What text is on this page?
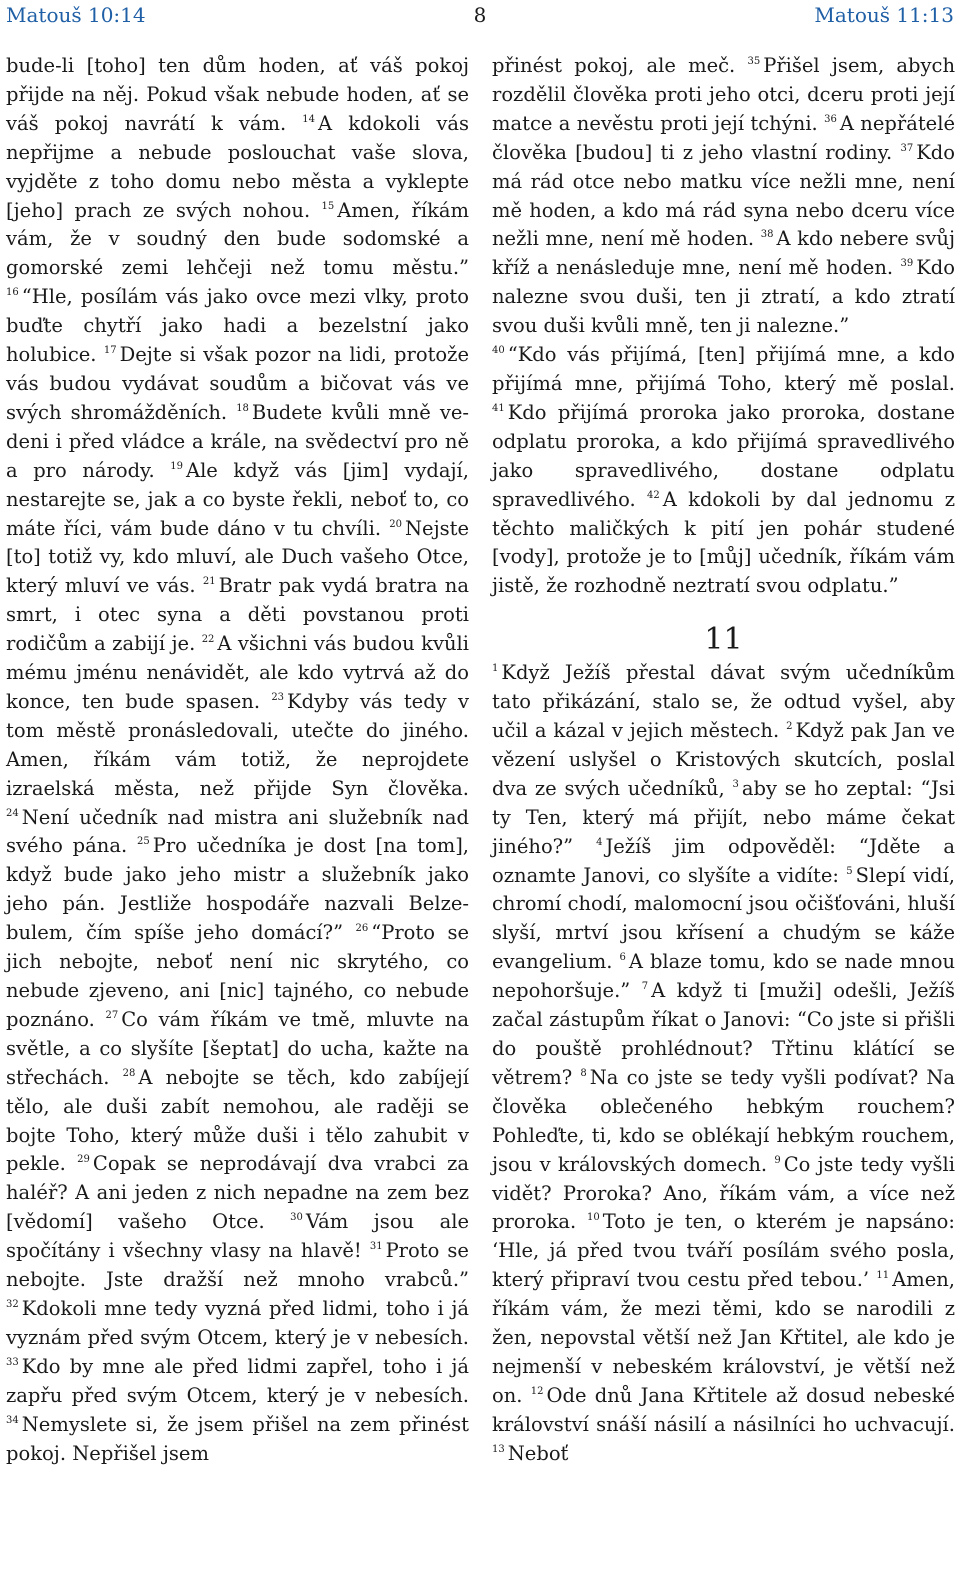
Matouš 10:14	8	Matouš 11:13

bude-li [toho] ten dům hoden, ať váš pokoj přijde na něj. Pokud však nebude hoden, ať se váš pokoj navrátí k vám. $^{14}$ A kdokoli vás nepřijme a nebude poslouchat vaše slova, vyjděte z toho domu nebo města a vyklepte [jeho] prach ze svých nohou. $^{15}$ Amen, říkám vám, že v soudný den bude sodomské a gomorské zemi lehčeji než tomu městu.” $^{16}$ “Hle, posílám vás jako ovce mezi vlky, proto buďte chytří jako hadi a bezelstní jako holubice. $^{17}$ Dejte si však pozor na lidi, protože vás budou vydávat soudům a bičovat vás ve svých shromážděních. $^{18}$ Budete kvůli mně vedeni i před vládce a krále, na svědectví pro ně a pro národy. $^{19}$ Ale když vás [jim] vydají, nestarejte se, jak a co byste řekli, neboť to, co máte říci, vám bude dáno v tu chvíli. $^{20}$ Nejste [to] totiž vy, kdo mluví, ale Duch vašeho Otce, který mluví ve vás. $^{21}$ Bratr pak vydá bratra na smrt, i otec syna a děti povstanou proti rodičům a zabijí je. $^{22}$ A všichni vás budou kvůli mému jménu nenávidět, ale kdo vytrvá až do konce, ten bude spasen. $^{23}$ Kdyby vás tedy v tom městě pronásledovali, utečte do jiného. Amen, říkám vám totiž, že neprojdete izraelská města, než přijde Syn člověka. $^{24}$ Není učedník nad mistra ani služebník nad svého pána. $^{25}$ Pro učedníka je dost [na tom], když bude jako jeho mistr a služebník jako jeho pán. Jestliže hospodáře nazvali Belzebulem, čím spíše jeho domácí?” $^{26}$ “Proto se jich nebojte, neboť není nic skrytého, co nebude zjeveno, ani [nic] tajného, co nebude poznáno. $^{27}$ Co vám říkám ve tmě, mluvte na světle, a co slyšíte [šeptat] do ucha, kažte na střechách. $^{28}$ A nebojte se těch, kdo zabíjejí tělo, ale duši zabít nemohou, ale raději se bojte Toho, který může duši i tělo zahubit v pekle. $^{29}$ Copak se neprodávají dva vrabci za haléř? A ani jeden z nich nepadne na zem bez [vědomí] vašeho Otce.	$^{30}$ Vám jsou ale spočítány i všechny vlasy na hlavě! $^{31}$ Proto se nebojte. Jste dražší než mnoho vrabců.” $^{32}$ Kdokoli mne tedy vyzná před lidmi, toho i já vyznám před svým Otcem, který je v nebesích. $^{33}$ Kdo by mne ale před lidmi zapřel, toho i já zapřu před svým Otcem, který je v nebesích. $^{34}$ Nemyslete si, že jsem přišel na zem přinést pokoj. Nepřišel jsem

přinést pokoj, ale meč. $^{35}$ Přišel jsem, abych rozdělil člověka proti jeho otci, dceru proti její matce a nevěstu proti její tchýni. $^{36}$ A nepřátelé člověka [budou] ti z jeho vlastní rodiny. $^{37}$ Kdo má rád otce nebo matku více nežli mne, není mě hoden, a kdo má rád syna nebo dceru více nežli mne, není mě hoden. $^{38}$ A kdo nebere svůj kříž a nenásleduje mne, není mě hoden. $^{39}$ Kdo nalezne svou duši, ten ji ztratí, a kdo ztratí svou duši kvůli mně, ten ji nalezne.”

$^{40}$ “Kdo vás přijímá, [ten] přijímá mne, a kdo přijímá mne, přijímá Toho, který mě poslal. $^{41}$ Kdo přijímá proroka jako proroka, dostane odplatu proroka, a kdo přijímá spravedlivého jako spravedlivého, dostane odplatu spravedlivého. $^{42}$ A kdokoli by dal jednomu z těchto maličkých k pití jen pohár studené [vody], protože je to [můj] učedník, říkám vám jistě, že rozhodně neztratí svou odplatu.”

11

$^1$ Když Ježíš přestal dávat svým učedníkům tato přikázání, stalo se, že odtud vyšel, aby učil a kázal v jejich městech. $^2$ Když pak Jan ve vězení uslyšel o Kristových skutcích, poslal dva ze svých učedníků, $^3$ aby se ho zeptal: “Jsi ty Ten, který má přijít, nebo máme čekat jiného?” $^4$ Ježíš jim odpověděl: “Jděte a oznamte Janovi, co slyšíte a vidíte: $^5$ Slepí vidí, chromí chodí, malomocní jsou očišťováni, hluší slyší, mrtví jsou křísení a chudým se káže evangelium. $^6$ A blaze tomu, kdo se nade mnou nepohoršuje.” $^7$ A když ti [muži] odešli, Ježíš začal zástupům říkat o Janovi: “Co jste si přišli do pouště prohlédnout? Třtinu klátící se větrem? $^8$ Na co jste se tedy vyšli podívat? Na člověka oblečeného hebkým rouchem? Pohleďte, ti, kdo se oblékají hebkým rouchem, jsou v královských domech. $^9$ Co jste tedy vyšli vidět? Proroka? Ano, říkám vám, a více než proroka. $^{10}$ Toto je ten, o kterém je napsáno: ‘Hle, já před tvou tváří posílám svého posla, který připraví tvou cestu před tebou.’ $^{11}$ Amen, říkám vám, že mezi těmi, kdo se narodili z žen, nepovstal větší než Jan Křtitel, ale kdo je nejmenší v nebeském království, je větší než on. $^{12}$ Ode dnů Jana Křtitele až dosud nebeské království snáší násilí a násilníci ho uchvacují. $^{13}$ Neboť
